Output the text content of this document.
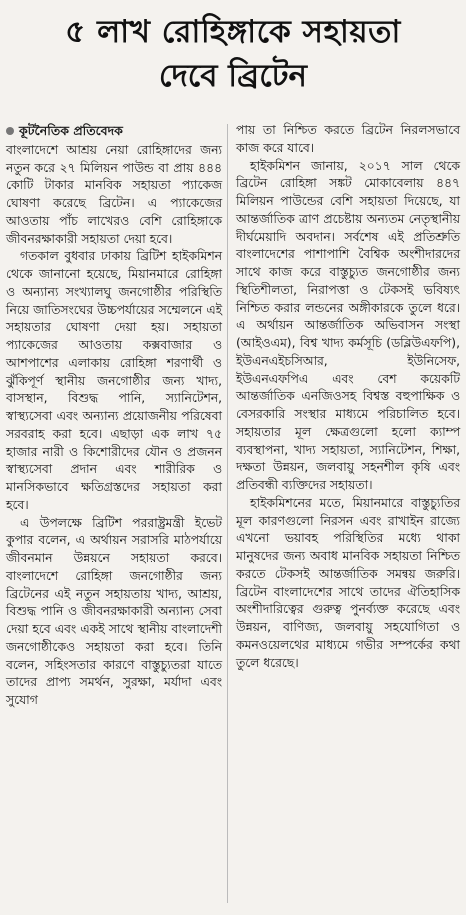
৫ লাখ রোহিঙ্গাকে সহায়তা
দেবে ব্রিটেন
কূটনৈতিক প্রতিবেদক

বাংলাদেশে আশ্রয় নেয়া রোহিঙ্গাদের জন্য নতুন করে ২৭ মিলিয়ন পাউন্ড বা প্রায় ৪৪৪ কোটি টাকার মানবিক সহায়তা প্যাকেজ ঘোষণা করেছে ব্রিটেন। এ প্যাকেজের আওতায় পাঁচ লাখেরও বেশি রোহিঙ্গাকে জীবনরক্ষাকারী সহায়তা দেয়া হবে।

গতকাল বুধবার ঢাকায় ব্রিটিশ হাইকমিশন থেকে জানানো হয়েছে, মিয়ানমারে রোহিঙ্গা ও অন্যান্য সংখ্যালঘু জনগোষ্ঠীর পরিস্থিতি নিয়ে জাতিসংঘের উচ্চপর্যায়ের সম্মেলনে এই সহায়তার ঘোষণা দেয়া হয়। সহায়তা প্যাকেজের আওতায় কক্সবাজার ও আশপাশের এলাকায় রোহিঙ্গা শরণার্থী ও ঝুঁকিপূর্ণ স্থানীয় জনগোষ্ঠীর জন্য খাদ্য, বাসস্থান, বিশুদ্ধ পানি, স্যানিটেশন, স্বাস্থ্যসেবা এবং অন্যান্য প্রয়োজনীয় পরিষেবা সরবরাহ করা হবে। এছাড়া এক লাখ ৭৫ হাজার নারী ও কিশোরীদের যৌন ও প্রজনন স্বাস্থ্যসেবা প্রদান এবং শারীরিক ও মানসিকভাবে ক্ষতিগ্রস্তদের সহায়তা করা হবে।

এ উপলক্ষে ব্রিটিশ পররাষ্ট্রমন্ত্রী ইভেট কুপার বলেন, এ অর্থায়ন সরাসরি মাঠপর্যায়ে জীবনমান উন্নয়নে সহায়তা করবে। বাংলাদেশে রোহিঙ্গা জনগোষ্ঠীর জন্য ব্রিটেনের এই নতুন সহায়তায় খাদ্য, আশ্রয়, বিশুদ্ধ পানি ও জীবনরক্ষাকারী অন্যান্য সেবা দেয়া হবে এবং একই সাথে স্থানীয় বাংলাদেশী জনগোষ্ঠীকেও সহায়তা করা হবে। তিনি বলেন, সহিংসতার কারণে বাস্তুচ্যুতরা যাতে তাদের প্রাপ্য সমর্থন, সুরক্ষা, মর্যাদা এবং সুযোগ

পায় তা নিশ্চিত করতে ব্রিটেন নিরলসভাবে কাজ করে যাবে।

হাইকমিশন জানায়, ২০১৭ সাল থেকে ব্রিটেন রোহিঙ্গা সঙ্কট মোকাবেলায় ৪৪৭ মিলিয়ন পাউন্ডের বেশি সহায়তা দিয়েছে, যা আন্তর্জাতিক ত্রাণ প্রচেষ্টায় অন্যতম নেতৃস্থানীয় দীর্ঘমেয়াদি অবদান। সর্বশেষ এই প্রতিশ্রুতি বাংলাদেশের পাশাপাশি বৈশ্বিক অংশীদারদের সাথে কাজ করে বাস্তুচ্যুত জনগোষ্ঠীর জন্য স্থিতিশীলতা, নিরাপত্তা ও টেকসই ভবিষ্যৎ নিশ্চিত করার লন্ডনের অঙ্গীকারকে তুলে ধরে। এ অর্থায়ন আন্তর্জাতিক অভিবাসন সংস্থা (আইওএম), বিশ্ব খাদ্য কর্মসূচি (ডব্লিউএফপি), ইউএনএইচসিআর, ইউনিসেফ, ইউএনএফপিএ এবং বেশ কয়েকটি আন্তর্জাতিক এনজিওসহ বিশ্বস্ত বহুপাক্ষিক ও বেসরকারি সংস্থার মাধ্যমে পরিচালিত হবে। সহায়তার মূল ক্ষেত্রগুলো হলো ক্যাম্প ব্যবস্থাপনা, খাদ্য সহায়তা, স্যানিটেশন, শিক্ষা, দক্ষতা উন্নয়ন, জলবায়ু সহনশীল কৃষি এবং প্রতিবন্ধী ব্যক্তিদের সহায়তা।

হাইকমিশনের মতে, মিয়ানমারে বাস্তুচ্যুতির মূল কারণগুলো নিরসন এবং রাখাইন রাজ্যে এখনো ভয়াবহ পরিস্থিতির মধ্যে থাকা মানুষদের জন্য অবাধ মানবিক সহায়তা নিশ্চিত করতে টেকসই আন্তর্জাতিক সমন্বয় জরুরি। ব্রিটেন বাংলাদেশের সাথে তাদের ঐতিহাসিক অংশীদারিত্বের গুরুত্ব পুনর্ব্যক্ত করেছে এবং উন্নয়ন, বাণিজ্য, জলবায়ু সহযোগিতা ও কমনওয়েলথের মাধ্যমে গভীর সম্পর্কের কথা তুলে ধরেছে।
